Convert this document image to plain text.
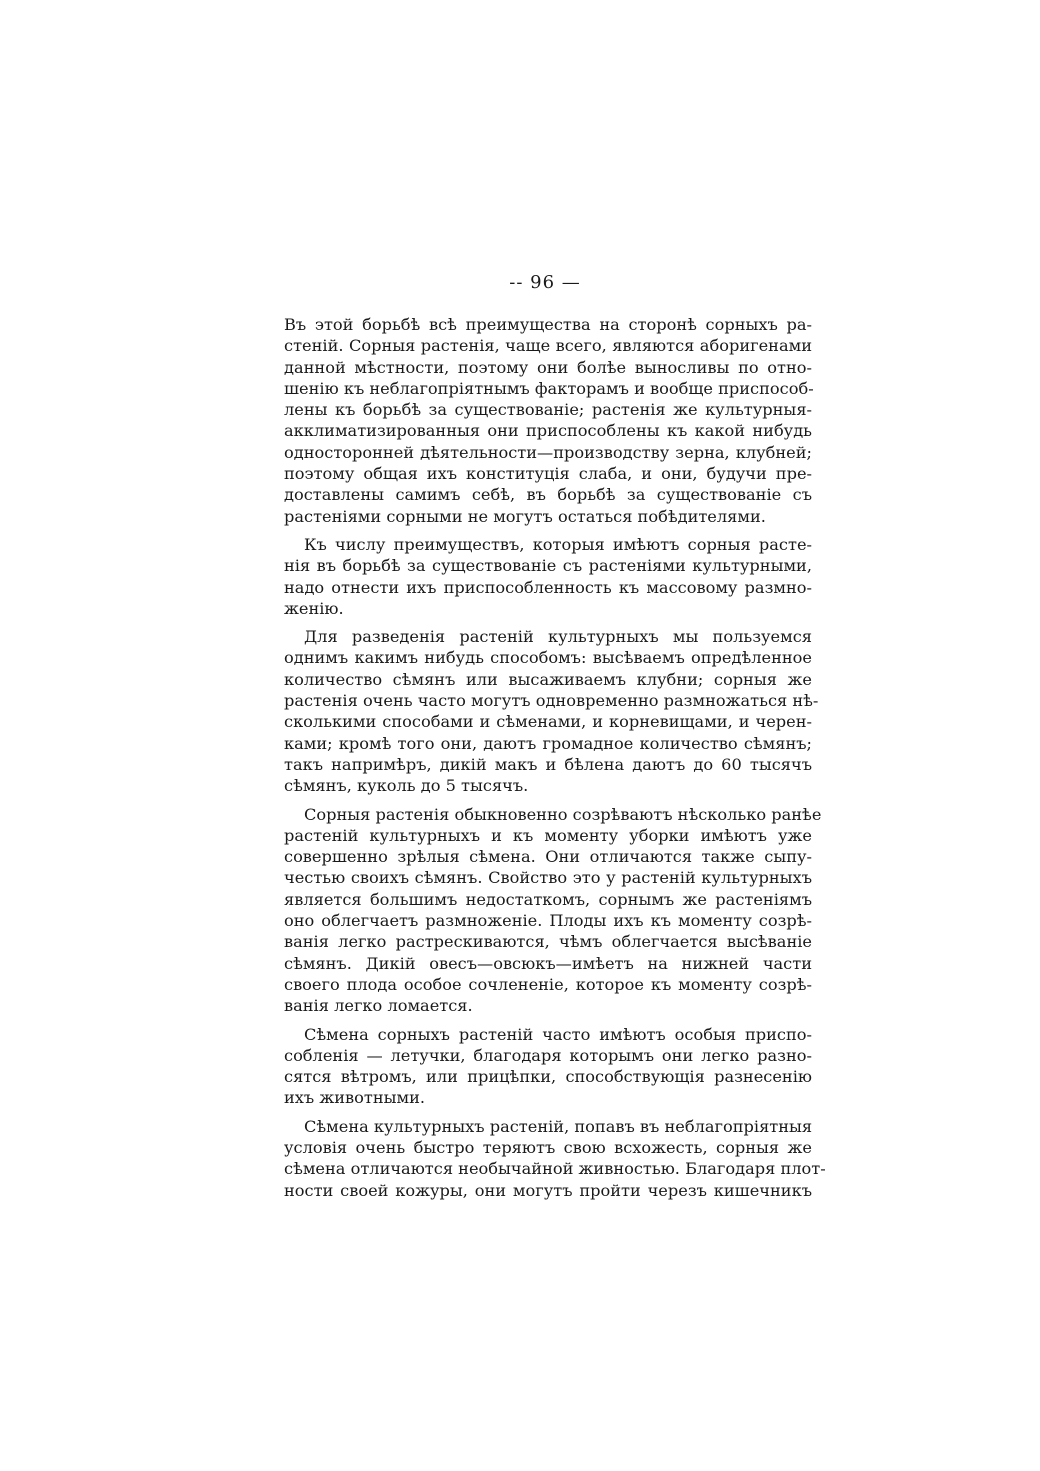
-- 96 —
Въ этой борьбѣ всѣ преимущества на сторонѣ сорныхъ ра-
стеній. Сорныя растенія, чаще всего, являются аборигенами
данной мѣстности, поэтому они болѣе выносливы по отно-
шенію къ неблагопріятнымъ факторамъ и вообще приспособ-
лены къ борьбѣ за существованіе; растенія же культурныя-
акклиматизированныя они приспособлены къ какой нибудь
односторонней дѣятельности—производству зерна, клубней;
поэтому общая ихъ конституція слаба, и они, будучи пре-
доставлены самимъ себѣ, въ борьбѣ за существованіе съ
растеніями сорными не могутъ остаться побѣдителями.
Къ числу преимуществъ, которыя имѣютъ сорныя расте-
нія въ борьбѣ за существованіе съ растеніями культурными,
надо отнести ихъ приспособленность къ массовому размно-
женію.
Для разведенія растеній культурныхъ мы пользуемся
однимъ какимъ нибудь способомъ: высѣваемъ опредѣленное
количество сѣмянъ или высаживаемъ клубни; сорныя же
растенія очень часто могутъ одновременно размножаться нѣ-
сколькими способами и сѣменами, и корневищами, и черен-
ками; кромѣ того они, даютъ громадное количество сѣмянъ;
такъ напримѣръ, дикій макъ и бѣлена даютъ до 60 тысячъ
сѣмянъ, куколь до 5 тысячъ.
Сорныя растенія обыкновенно созрѣваютъ нѣсколько ранѣе
растеній культурныхъ и къ моменту уборки имѣютъ уже
совершенно зрѣлыя сѣмена. Они отличаются также сыпу-
честью своихъ сѣмянъ. Свойство это у растеній культурныхъ
является большимъ недостаткомъ, сорнымъ же растеніямъ
оно облегчаетъ размноженіе. Плоды ихъ къ моменту созрѣ-
ванія легко растрескиваются, чѣмъ облегчается высѣваніе
сѣмянъ. Дикій овесъ—овсюкъ—имѣетъ на нижней части
своего плода особое сочлененіе, которое къ моменту созрѣ-
ванія легко ломается.
Сѣмена сорныхъ растеній часто имѣютъ особыя приспо-
собленія — летучки, благодаря которымъ они легко разно-
сятся вѣтромъ, или прицѣпки, способствующія разнесенію
ихъ животными.
Сѣмена культурныхъ растеній, попавъ въ неблагопріятныя
условія очень быстро теряютъ свою всхожесть, сорныя же
сѣмена отличаются необычайной живностью. Благодаря плот-
ности своей кожуры, они могутъ пройти черезъ кишечникъ
